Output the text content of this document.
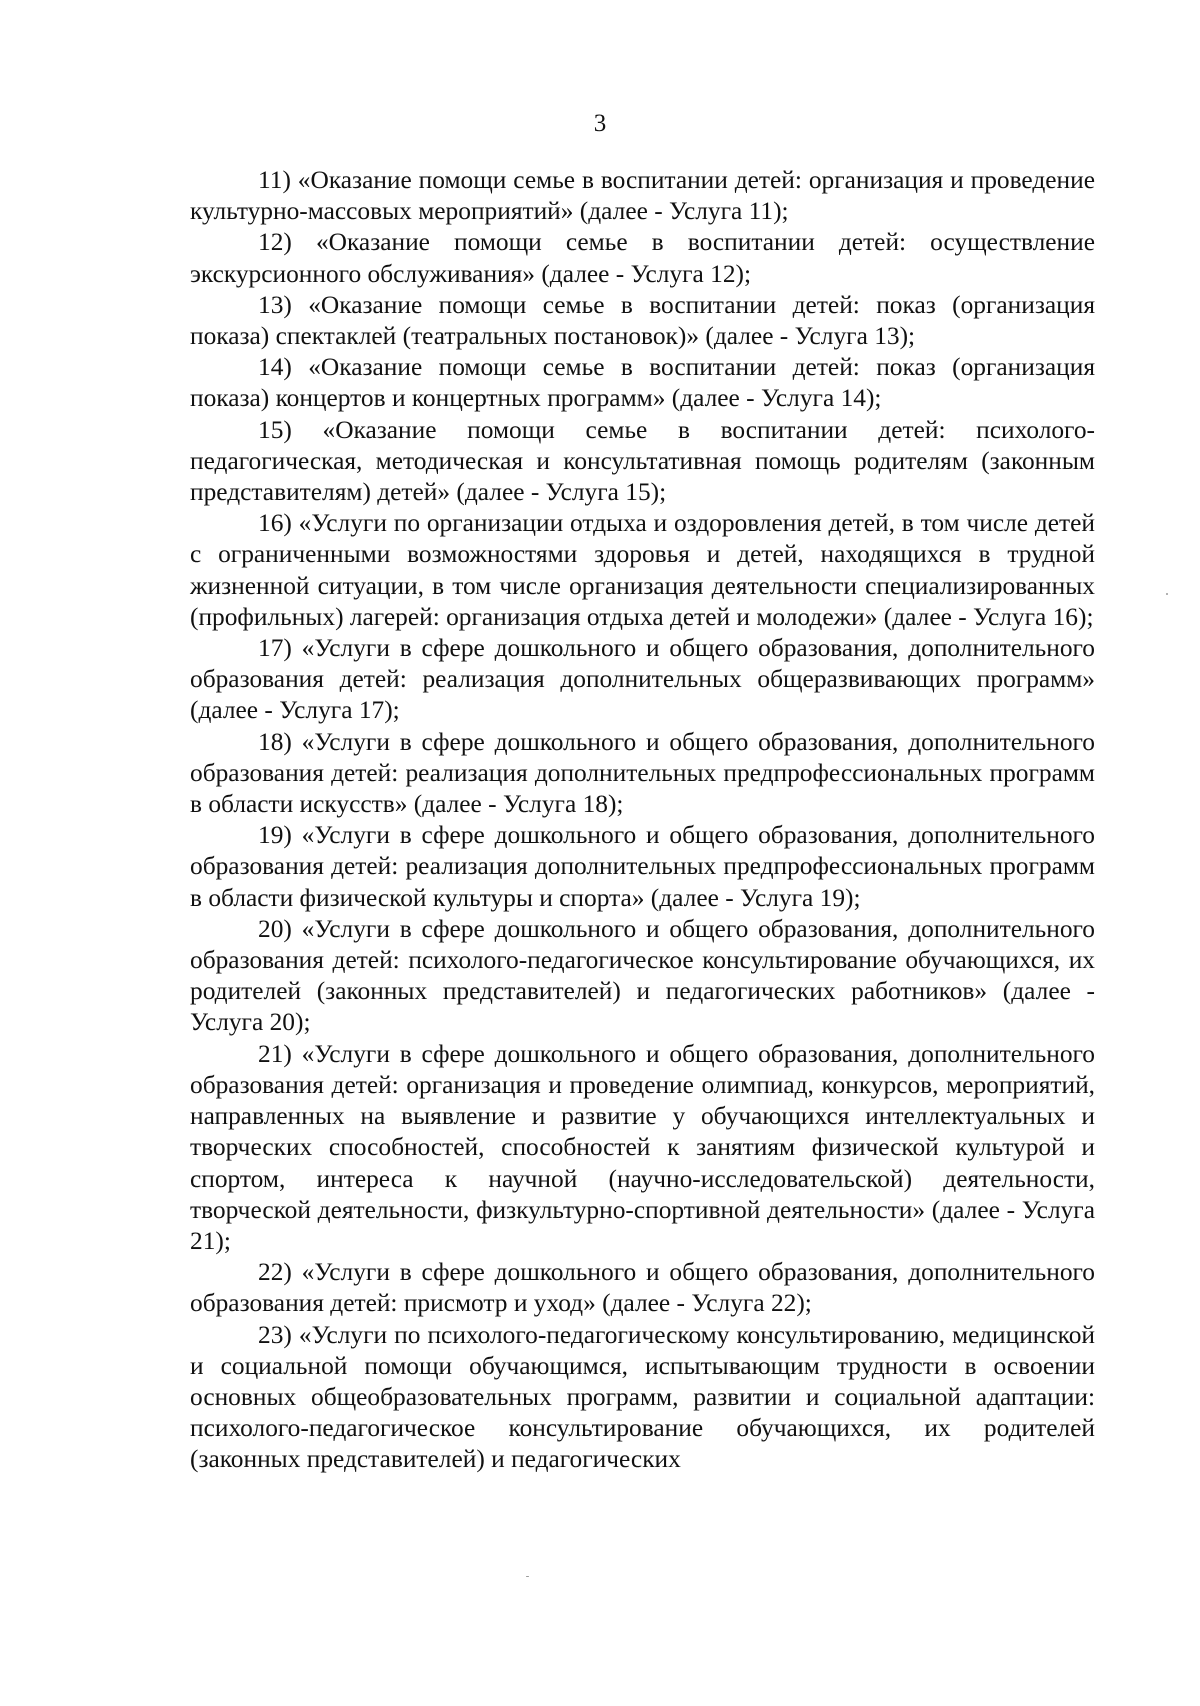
3

11) «Оказание помощи семье в воспитании детей: организация и проведение культурно-массовых мероприятий» (далее - Услуга 11);

12) «Оказание помощи семье в воспитании детей: осуществление экскурсионного обслуживания» (далее - Услуга 12);

13) «Оказание помощи семье в воспитании детей: показ (организация показа) спектаклей (театральных постановок)» (далее - Услуга 13);

14) «Оказание помощи семье в воспитании детей: показ (организация показа) концертов и концертных программ» (далее - Услуга 14);

15) «Оказание помощи семье в воспитании детей: психолого-педагогическая, методическая и консультативная помощь родителям (законным представителям) детей» (далее - Услуга 15);

16) «Услуги по организации отдыха и оздоровления детей, в том числе детей с ограниченными возможностями здоровья и детей, находящихся в трудной жизненной ситуации, в том числе организация деятельности специализированных (профильных) лагерей: организация отдыха детей и молодежи» (далее - Услуга 16);

17) «Услуги в сфере дошкольного и общего образования, дополнительного образования детей: реализация дополнительных общеразвивающих программ» (далее - Услуга 17);

18) «Услуги в сфере дошкольного и общего образования, дополнительного образования детей: реализация дополнительных предпрофессиональных программ в области искусств» (далее - Услуга 18);

19) «Услуги в сфере дошкольного и общего образования, дополнительного образования детей: реализация дополнительных предпрофессиональных программ в области физической культуры и спорта» (далее - Услуга 19);

20) «Услуги в сфере дошкольного и общего образования, дополнительного образования детей: психолого-педагогическое консультирование обучающихся, их родителей (законных представителей) и педагогических работников» (далее - Услуга 20);

21) «Услуги в сфере дошкольного и общего образования, дополнительного образования детей: организация и проведение олимпиад, конкурсов, мероприятий, направленных на выявление и развитие у обучающихся интеллектуальных и творческих способностей, способностей к занятиям физической культурой и спортом, интереса к научной (научно-исследовательской) деятельности, творческой деятельности, физкультурно-спортивной деятельности» (далее - Услуга 21);

22) «Услуги в сфере дошкольного и общего образования, дополнительного образования детей: присмотр и уход» (далее - Услуга 22);

23) «Услуги по психолого-педагогическому консультированию, медицинской и социальной помощи обучающимся, испытывающим трудности в освоении основных общеобразовательных программ, развитии и социальной адаптации: психолого-педагогическое консультирование обучающихся, их родителей (законных представителей) и педагогических
